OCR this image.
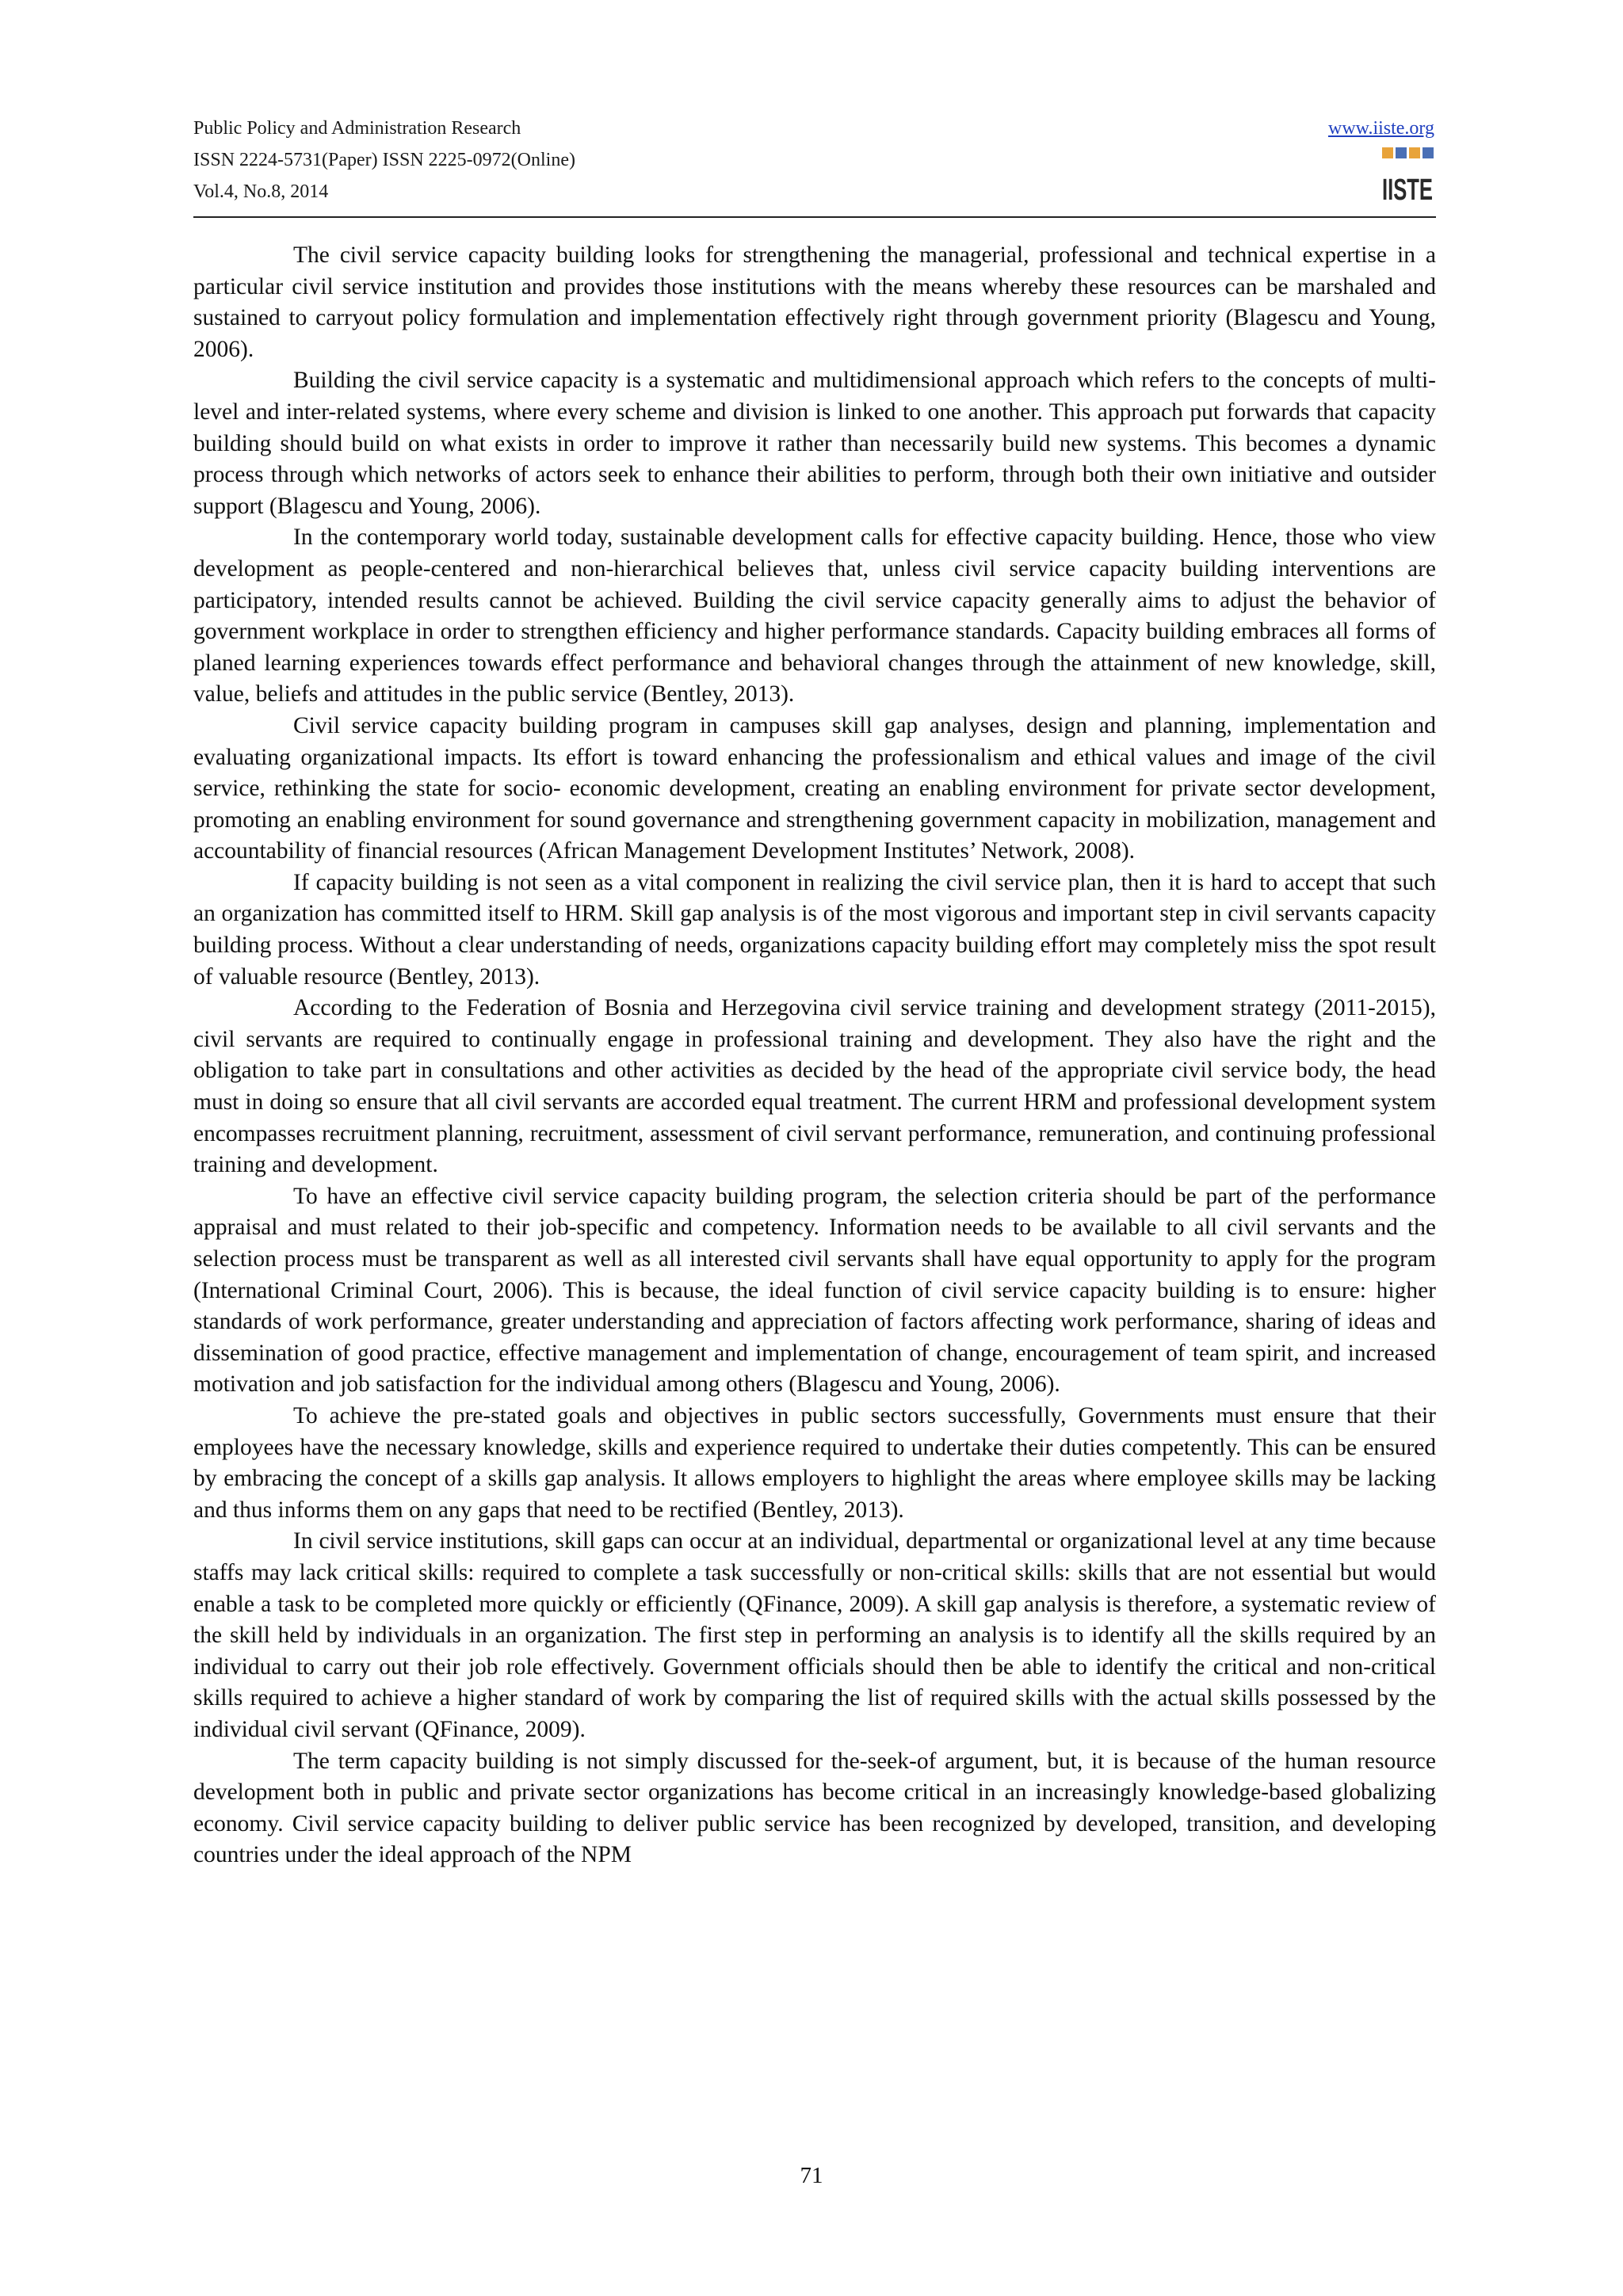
Public Policy and Administration Research
ISSN 2224-5731(Paper) ISSN 2225-0972(Online)
Vol.4, No.8, 2014
www.iiste.org
IISTE

The civil service capacity building looks for strengthening the managerial, professional and technical expertise in a particular civil service institution and provides those institutions with the means whereby these resources can be marshaled and sustained to carryout policy formulation and implementation effectively right through government priority (Blagescu and Young, 2006).

Building the civil service capacity is a systematic and multidimensional approach which refers to the concepts of multi-level and inter-related systems, where every scheme and division is linked to one another. This approach put forwards that capacity building should build on what exists in order to improve it rather than necessarily build new systems. This becomes a dynamic process through which networks of actors seek to enhance their abilities to perform, through both their own initiative and outsider support (Blagescu and Young, 2006).

In the contemporary world today, sustainable development calls for effective capacity building. Hence, those who view development as people-centered and non-hierarchical believes that, unless civil service capacity building interventions are participatory, intended results cannot be achieved. Building the civil service capacity generally aims to adjust the behavior of government workplace in order to strengthen efficiency and higher performance standards. Capacity building embraces all forms of planed learning experiences towards effect performance and behavioral changes through the attainment of new knowledge, skill, value, beliefs and attitudes in the public service (Bentley, 2013).

Civil service capacity building program in campuses skill gap analyses, design and planning, implementation and evaluating organizational impacts. Its effort is toward enhancing the professionalism and ethical values and image of the civil service, rethinking the state for socio- economic development, creating an enabling environment for private sector development, promoting an enabling environment for sound governance and strengthening government capacity in mobilization, management and accountability of financial resources (African Management Development Institutes’ Network, 2008).

If capacity building is not seen as a vital component in realizing the civil service plan, then it is hard to accept that such an organization has committed itself to HRM. Skill gap analysis is of the most vigorous and important step in civil servants capacity building process. Without a clear understanding of needs, organizations capacity building effort may completely miss the spot result of valuable resource (Bentley, 2013).

According to the Federation of Bosnia and Herzegovina civil service training and development strategy (2011-2015), civil servants are required to continually engage in professional training and development. They also have the right and the obligation to take part in consultations and other activities as decided by the head of the appropriate civil service body, the head must in doing so ensure that all civil servants are accorded equal treatment. The current HRM and professional development system encompasses recruitment planning, recruitment, assessment of civil servant performance, remuneration, and continuing professional training and development.

To have an effective civil service capacity building program, the selection criteria should be part of the performance appraisal and must related to their job-specific and competency. Information needs to be available to all civil servants and the selection process must be transparent as well as all interested civil servants shall have equal opportunity to apply for the program (International Criminal Court, 2006). This is because, the ideal function of civil service capacity building is to ensure: higher standards of work performance, greater understanding and appreciation of factors affecting work performance, sharing of ideas and dissemination of good practice, effective management and implementation of change, encouragement of team spirit, and increased motivation and job satisfaction for the individual among others (Blagescu and Young, 2006).

To achieve the pre-stated goals and objectives in public sectors successfully, Governments must ensure that their employees have the necessary knowledge, skills and experience required to undertake their duties competently. This can be ensured by embracing the concept of a skills gap analysis. It allows employers to highlight the areas where employee skills may be lacking and thus informs them on any gaps that need to be rectified (Bentley, 2013).

In civil service institutions, skill gaps can occur at an individual, departmental or organizational level at any time because staffs may lack critical skills: required to complete a task successfully or non-critical skills: skills that are not essential but would enable a task to be completed more quickly or efficiently (QFinance, 2009). A skill gap analysis is therefore, a systematic review of the skill held by individuals in an organization. The first step in performing an analysis is to identify all the skills required by an individual to carry out their job role effectively. Government officials should then be able to identify the critical and non-critical skills required to achieve a higher standard of work by comparing the list of required skills with the actual skills possessed by the individual civil servant (QFinance, 2009).

The term capacity building is not simply discussed for the-seek-of argument, but, it is because of the human resource development both in public and private sector organizations has become critical in an increasingly knowledge-based globalizing economy. Civil service capacity building to deliver public service has been recognized by developed, transition, and developing countries under the ideal approach of the NPM

71
